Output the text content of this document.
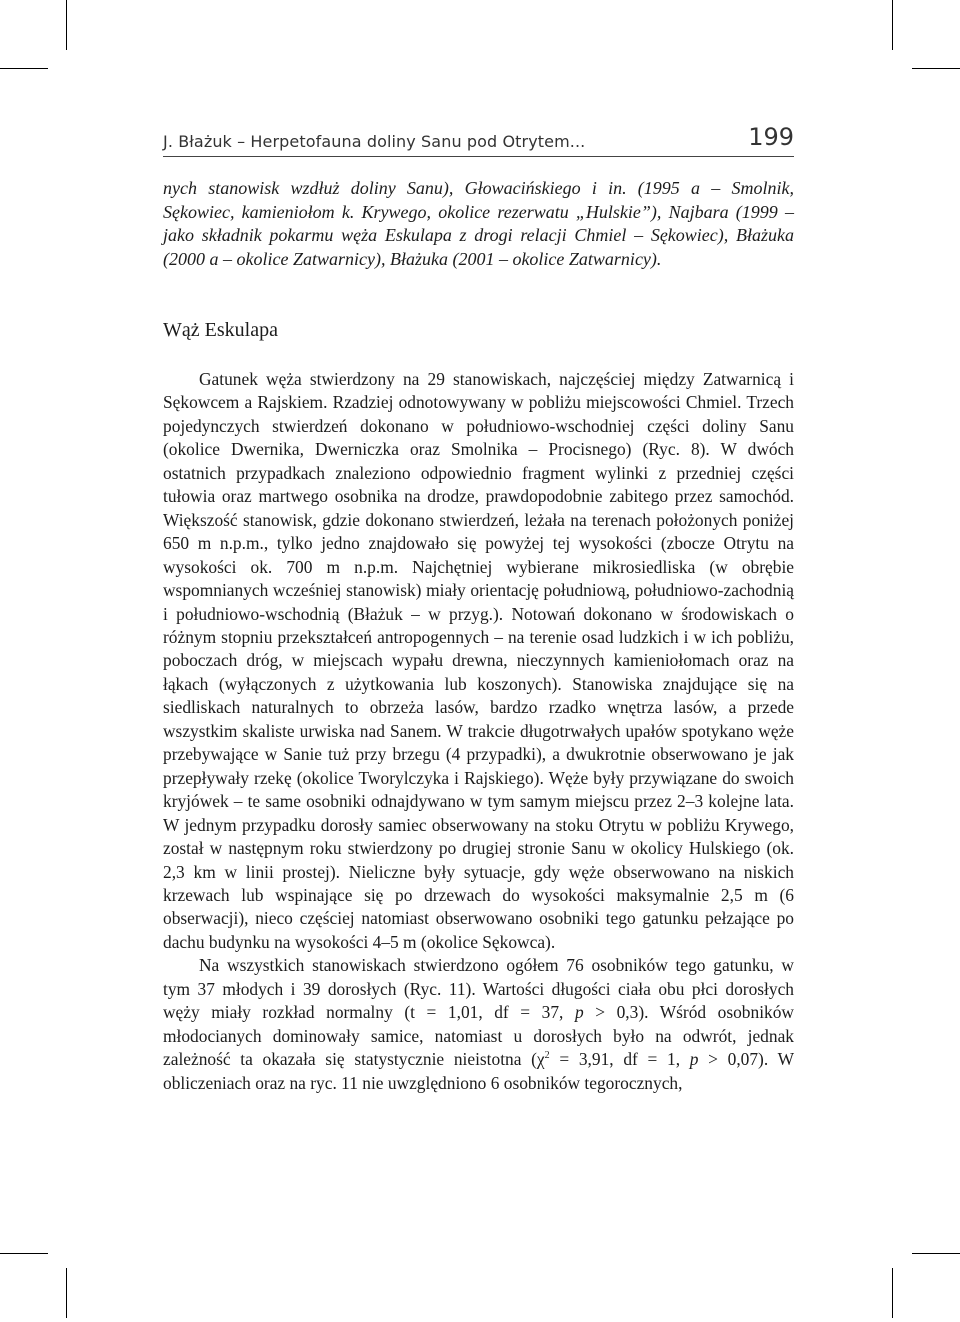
J. Błażuk – Herpetofauna doliny Sanu pod Otrytem...	199

nych stanowisk wzdłuż doliny Sanu), Głowacińskiego i in. (1995 a – Smolnik, Sękowiec, kamieniołom k. Krywego, okolice rezerwatu „Hulskie”), Najbara (1999 – jako składnik pokarmu węża Eskulapa z drogi relacji Chmiel – Sękowiec), Błażuka (2000 a – okolice Zatwarnicy), Błażuka (2001 – okolice Zatwarnicy).

Wąż Eskulapa

Gatunek węża stwierdzony na 29 stanowiskach, najczęściej między Zatwarnicą i Sękowcem a Rajskiem. Rzadziej odnotowywany w pobliżu miejscowości Chmiel. Trzech pojedynczych stwierdzeń dokonano w południowo-wschodniej części doliny Sanu (okolice Dwernika, Dwerniczka oraz Smolnika – Procisnego) (Ryc. 8). W dwóch ostatnich przypadkach znaleziono odpowiednio fragment wylinki z przedniej części tułowia oraz martwego osobnika na drodze, prawdopodobnie zabitego przez samochód. Większość stanowisk, gdzie dokonano stwierdzeń, leżała na terenach położonych poniżej 650 m n.p.m., tylko jedno znajdowało się powyżej tej wysokości (zbocze Otrytu na wysokości ok. 700 m n.p.m. Najchętniej wybierane mikrosiedliska (w obrębie wspomnianych wcześniej stanowisk) miały orientację południową, południowo-zachodnią i południowo-wschodnią (Błażuk – w przyg.). Notowań dokonano w środowiskach o różnym stopniu przekształceń antropogennych – na terenie osad ludzkich i w ich pobliżu, poboczach dróg, w miejscach wypału drewna, nieczynnych kamieniołomach oraz na łąkach (wyłączonych z użytkowania lub koszonych). Stanowiska znajdujące się na siedliskach naturalnych to obrzeża lasów, bardzo rzadko wnętrza lasów, a przede wszystkim skaliste urwiska nad Sanem. W trakcie długotrwałych upałów spotykano węże przebywające w Sanie tuż przy brzegu (4 przypadki), a dwukrotnie obserwowano je jak przepływały rzekę (okolice Tworylczyka i Rajskiego). Węże były przywiązane do swoich kryjówek – te same osobniki odnajdywano w tym samym miejscu przez 2–3 kolejne lata. W jednym przypadku dorosły samiec obserwowany na stoku Otrytu w pobliżu Krywego, został w następnym roku stwierdzony po drugiej stronie Sanu w okolicy Hulskiego (ok. 2,3 km w linii prostej). Nieliczne były sytuacje, gdy węże obserwowano na niskich krzewach lub wspinające się po drzewach do wysokości maksymalnie 2,5 m (6 obserwacji), nieco częściej natomiast obserwowano osobniki tego gatunku pełzające po dachu budynku na wysokości 4–5 m (okolice Sękowca).

Na wszystkich stanowiskach stwierdzono ogółem 76 osobników tego gatunku, w tym 37 młodych i 39 dorosłych (Ryc. 11). Wartości długości ciała obu płci dorosłych węży miały rozkład normalny (t = 1,01, df = 37, p > 0,3). Wśród osobników młodocianych dominowały samice, natomiast u dorosłych było na odwrót, jednak zależność ta okazała się statystycznie nieistotna ($\chi^2 = 3,91$, df = 1, p > 0,07). W obliczeniach oraz na ryc. 11 nie uwzględniono 6 osobników tegorocznych,
